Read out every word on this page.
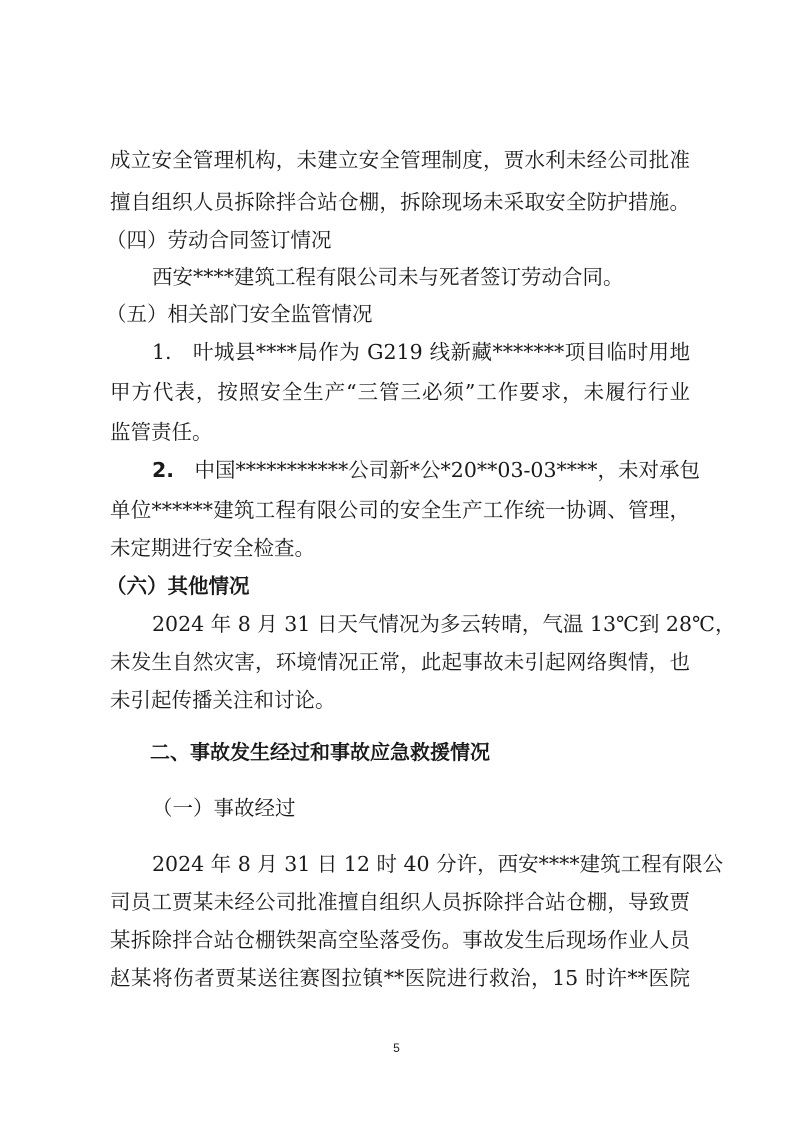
成立安全管理机构，未建立安全管理制度，贾水利未经公司批准
擅自组织人员拆除拌合站仓棚，拆除现场未采取安全防护措施。
（四）劳动合同签订情况
西安****建筑工程有限公司未与死者签订劳动合同。
（五）相关部门安全监管情况
1.　叶城县****局作为 G219 线新藏*******项目临时用地
甲方代表，按照安全生产“三管三必须”工作要求，未履行行业
监管责任。
2. 　中国***********公司新*公*20**03-03****，未对承包
单位******建筑工程有限公司的安全生产工作统一协调、管理，
未定期进行安全检查。
（六）其他情况
2024 年 8 月 31 日天气情况为多云转晴，气温 13℃到 28℃，
未发生自然灾害，环境情况正常，此起事故未引起网络舆情，也
未引起传播关注和讨论。
二、事故发生经过和事故应急救援情况
（一）事故经过
2024 年 8 月 31 日 12 时 40 分许，西安****建筑工程有限公
司员工贾某未经公司批准擅自组织人员拆除拌合站仓棚，导致贾
某拆除拌合站仓棚铁架高空坠落受伤。事故发生后现场作业人员
赵某将伤者贾某送往赛图拉镇**医院进行救治，15 时许**医院
5
